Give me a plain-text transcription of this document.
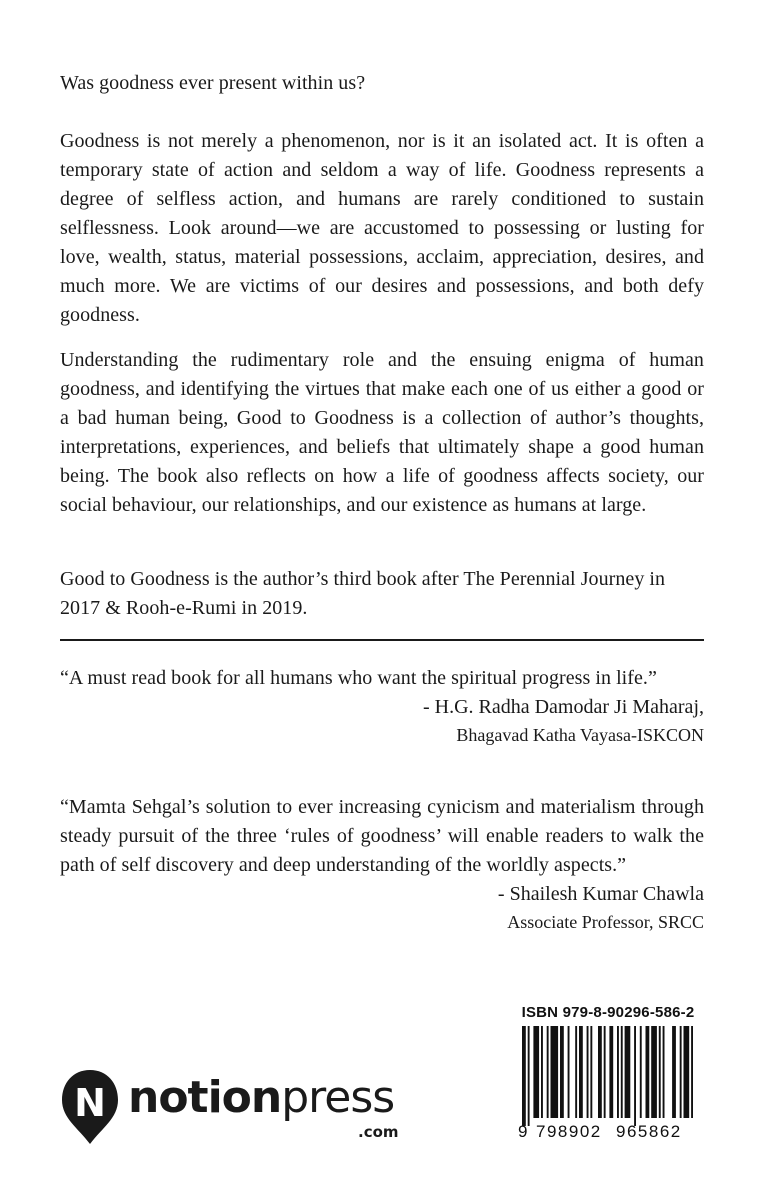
Was goodness ever present within us?

Goodness is not merely a phenomenon, nor is it an isolated act. It is often a temporary state of action and seldom a way of life. Goodness represents a degree of selfless action, and humans are rarely conditioned to sustain selflessness. Look around—we are accustomed to possessing or lusting for love, wealth, status, material possessions, acclaim, appreciation, desires, and much more. We are victims of our desires and possessions, and both defy goodness.

Understanding the rudimentary role and the ensuing enigma of human goodness, and identifying the virtues that make each one of us either a good or a bad human being, Good to Goodness is a collection of author’s thoughts, interpretations, experiences, and beliefs that ultimately shape a good human being. The book also reflects on how a life of goodness affects society, our social behaviour, our relationships, and our existence as humans at large.

Good to Goodness is the author’s third book after The Perennial Journey in 2017 & Rooh-e-Rumi in 2019.

“A must read book for all humans who want the spiritual progress in life.”

- H.G. Radha Damodar Ji Maharaj,

Bhagavad Katha Vayasa-ISKCON

“Mamta Sehgal’s solution to ever increasing cynicism and materialism through steady pursuit of the three ‘rules of goodness’ will enable readers to walk the path of self discovery and deep understanding of the worldly aspects.”

- Shailesh Kumar Chawla

Associate Professor, SRCC

N notionpress
.com
ISBN 979-8-90296-586-2
9 798902 965862
